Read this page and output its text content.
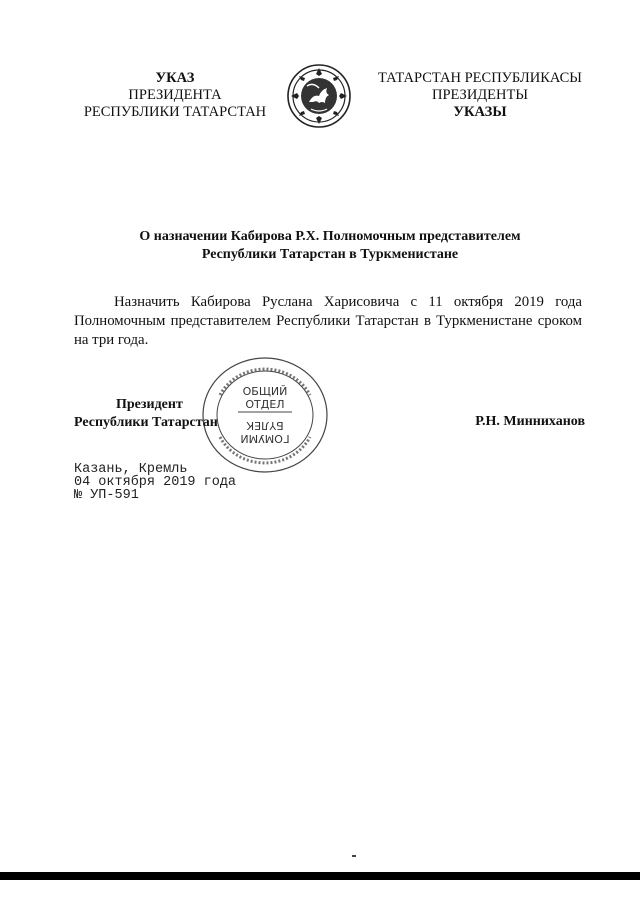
УКАЗ
ПРЕЗИДЕНТА
РЕСПУБЛИКИ ТАТАРСТАН
ТАТАРСТАН РЕСПУБЛИКАСЫ
ПРЕЗИДЕНТЫ
УКАЗЫ
О назначении Кабирова Р.Х. Полномочным представителем
Республики Татарстан в Туркменистане
Назначить Кабирова Руслана Харисовича с 11 октября 2019 года Полномочным представителем Республики Татарстан в Туркменистане сроком на три года.
ОБЩИЙ
ОТДЕЛ
ГОМУМИ
БҮЛЕК
Президент
Республики Татарстан	Р.Н. Минниханов
Казань, Кремль
04 октября 2019 года
№ УП-591
